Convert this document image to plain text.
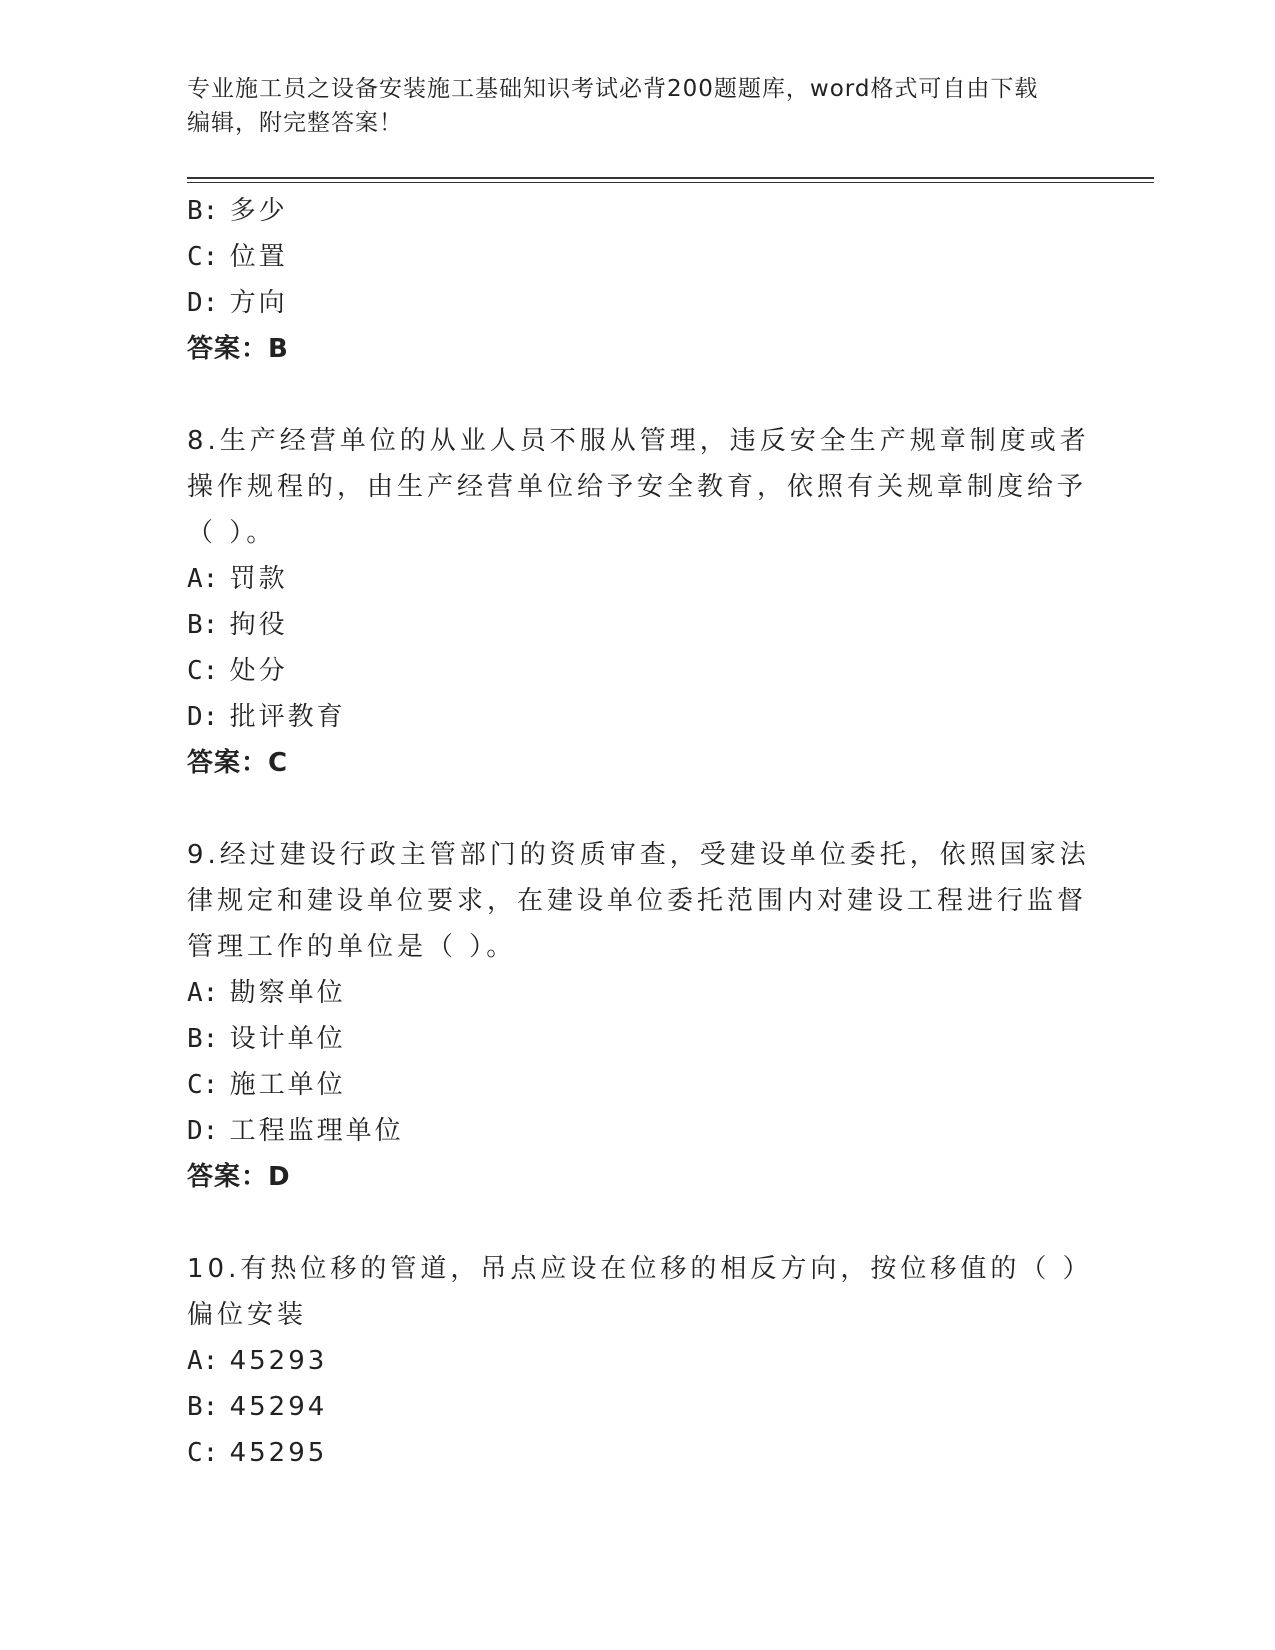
专业施工员之设备安装施工基础知识考试必背200题题库，word格式可自由下载
编辑，附完整答案！
B: 多少
C: 位置
D: 方向
答案：B
8.生产经营单位的从业人员不服从管理，违反安全生产规章制度或者
操作规程的，由生产经营单位给予安全教育，依照有关规章制度给予
（ ）。
A: 罚款
B: 拘役
C: 处分
D: 批评教育
答案：C
9.经过建设行政主管部门的资质审查，受建设单位委托，依照国家法
律规定和建设单位要求，在建设单位委托范围内对建设工程进行监督
管理工作的单位是（ ）。
A: 勘察单位
B: 设计单位
C: 施工单位
D: 工程监理单位
答案：D
10.有热位移的管道，吊点应设在位移的相反方向，按位移值的（ ）
偏位安装
A: 45293
B: 45294
C: 45295
